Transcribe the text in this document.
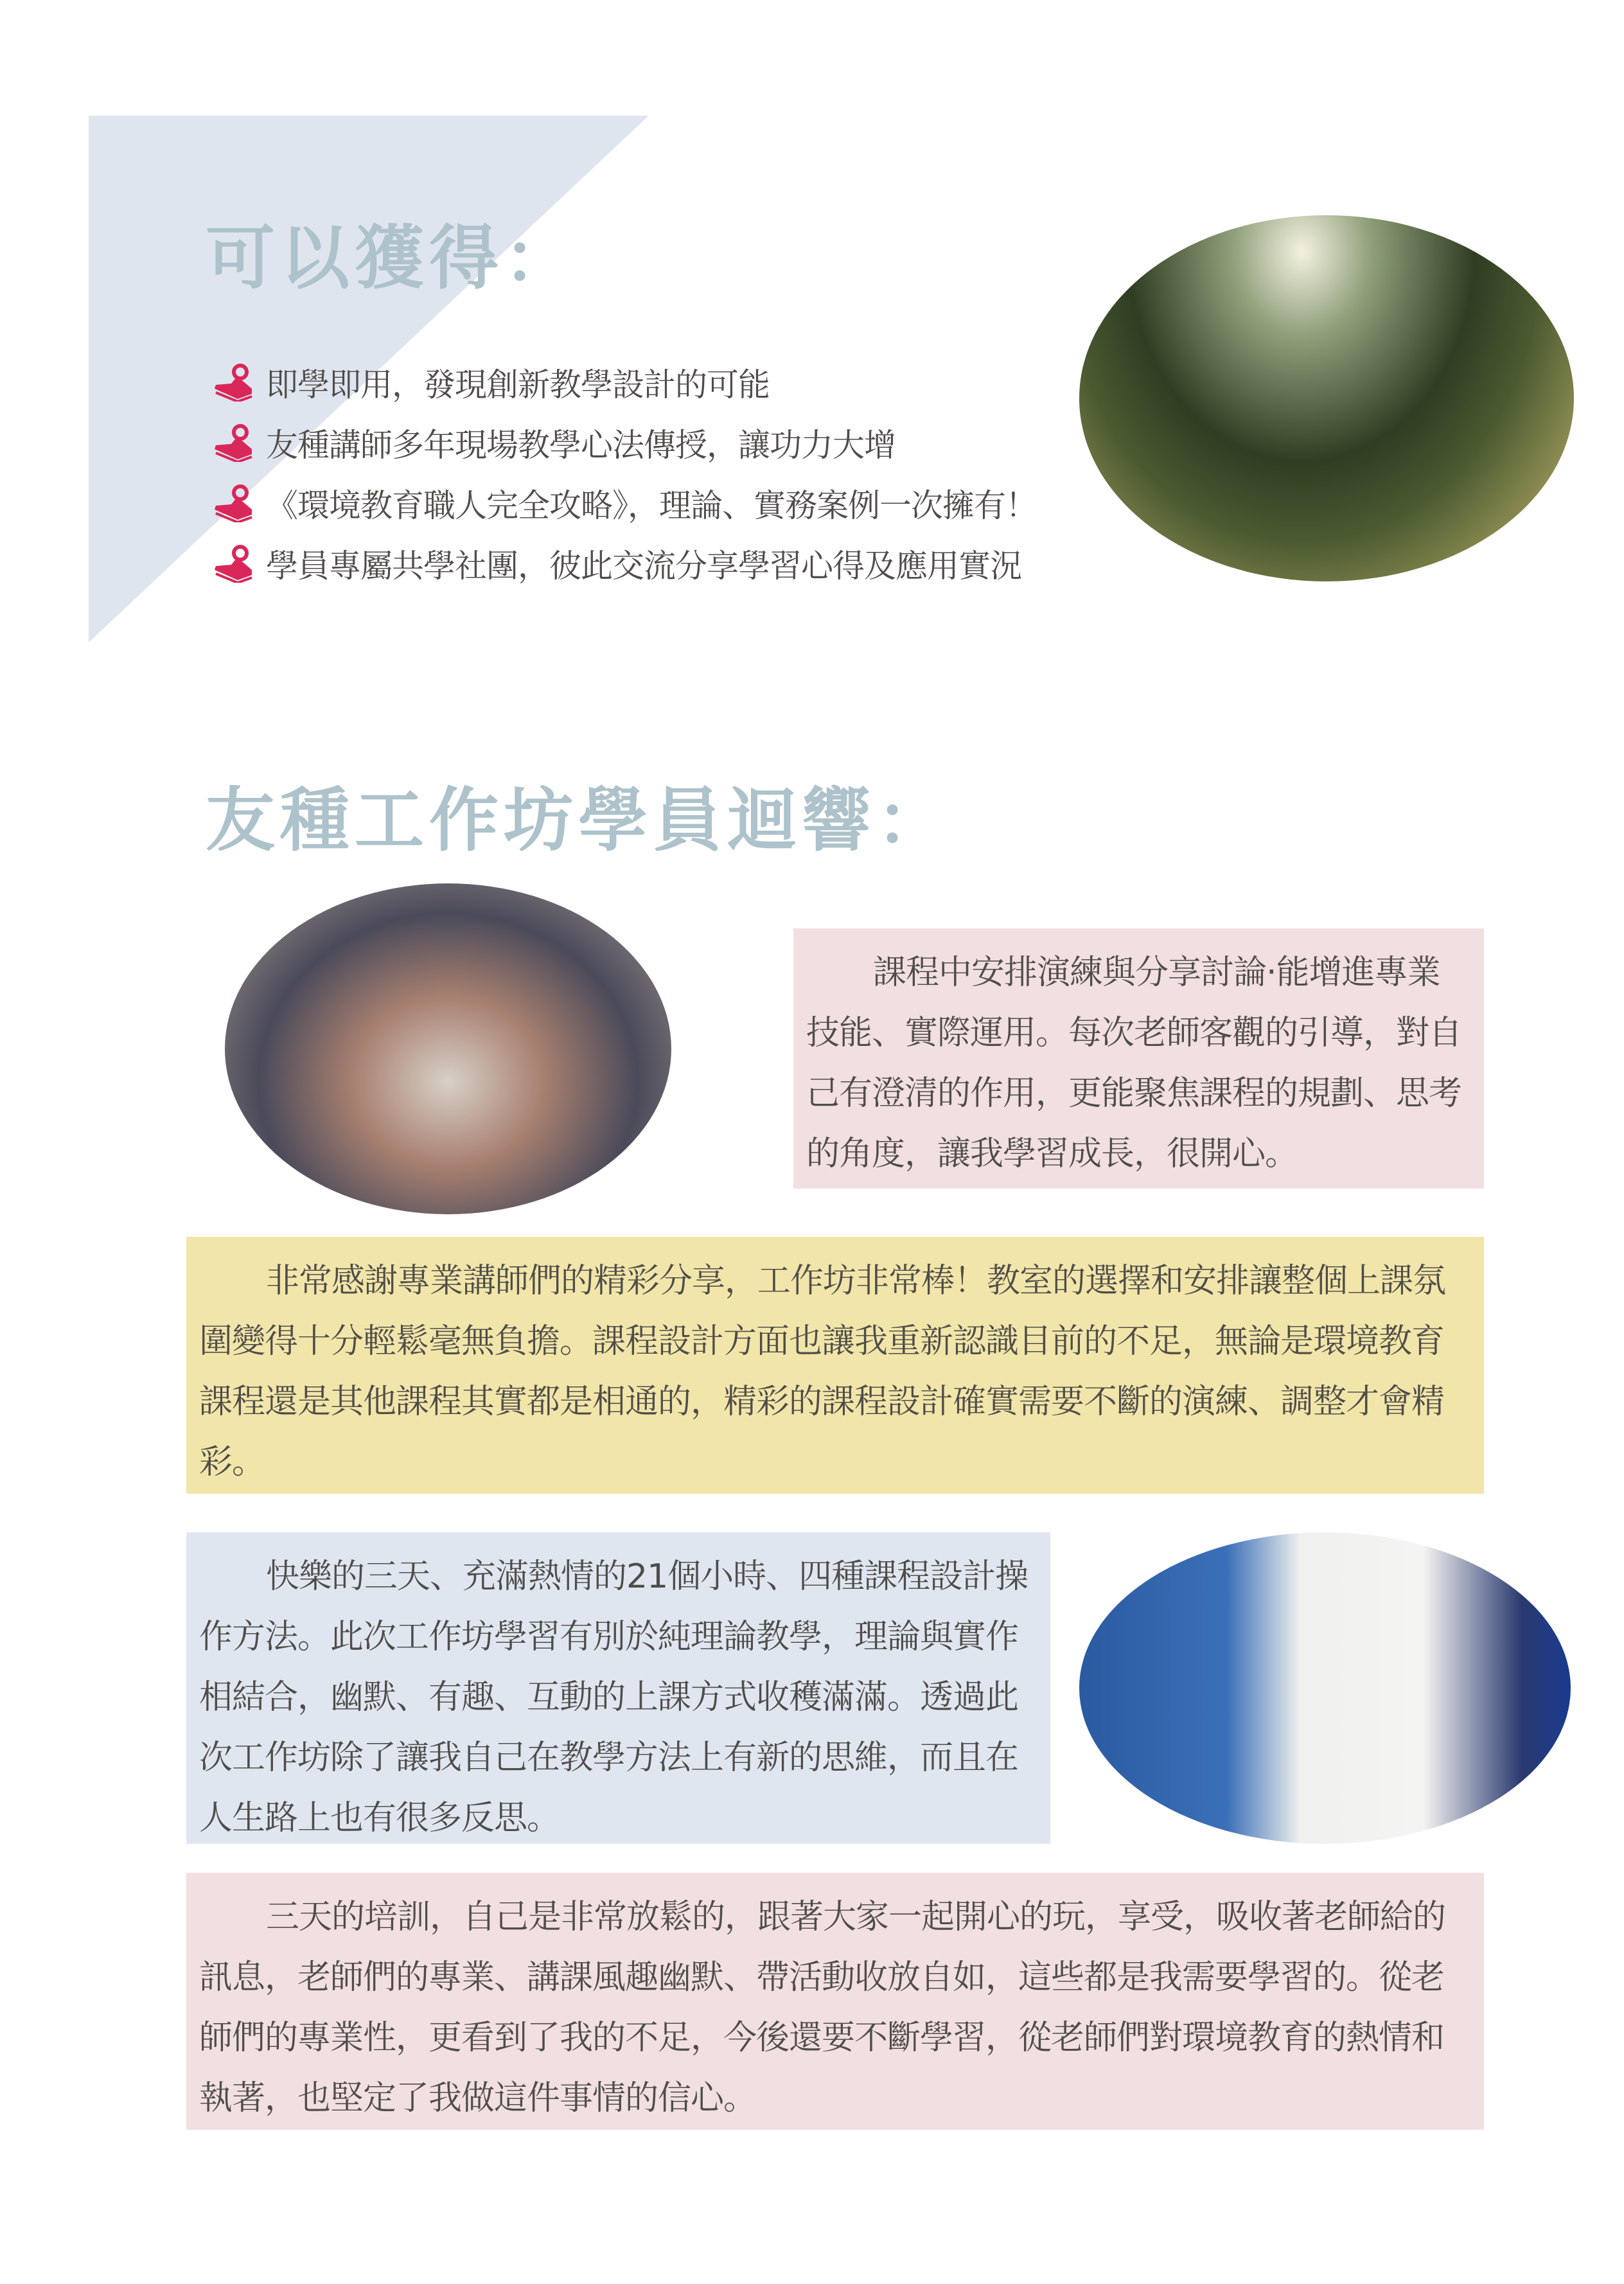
可以獲得：
即學即用，發現創新教學設計的可能
友種講師多年現場教學心法傳授，讓功力大增
《環境教育職人完全攻略》，理論、實務案例一次擁有！
學員專屬共學社團，彼此交流分享學習心得及應用實況
友種工作坊學員迴響：
課程中安排演練與分享討論‧能增進專業技能、實際運用。每次老師客觀的引導，對自己有澄清的作用，更能聚焦課程的規劃、思考的角度，讓我學習成長，很開心。
非常感謝專業講師們的精彩分享，工作坊非常棒！教室的選擇和安排讓整個上課氛圍變得十分輕鬆毫無負擔。課程設計方面也讓我重新認識目前的不足，無論是環境教育課程還是其他課程其實都是相通的，精彩的課程設計確實需要不斷的演練、調整才會精彩。
快樂的三天、充滿熱情的21個小時、四種課程設計操作方法。此次工作坊學習有別於純理論教學，理論與實作相結合，幽默、有趣、互動的上課方式收穫滿滿。透過此次工作坊除了讓我自己在教學方法上有新的思維，而且在人生路上也有很多反思。
三天的培訓，自己是非常放鬆的，跟著大家一起開心的玩，享受，吸收著老師給的訊息，老師們的專業、講課風趣幽默、帶活動收放自如，這些都是我需要學習的。從老師們的專業性，更看到了我的不足，今後還要不斷學習，從老師們對環境教育的熱情和執著，也堅定了我做這件事情的信心。
